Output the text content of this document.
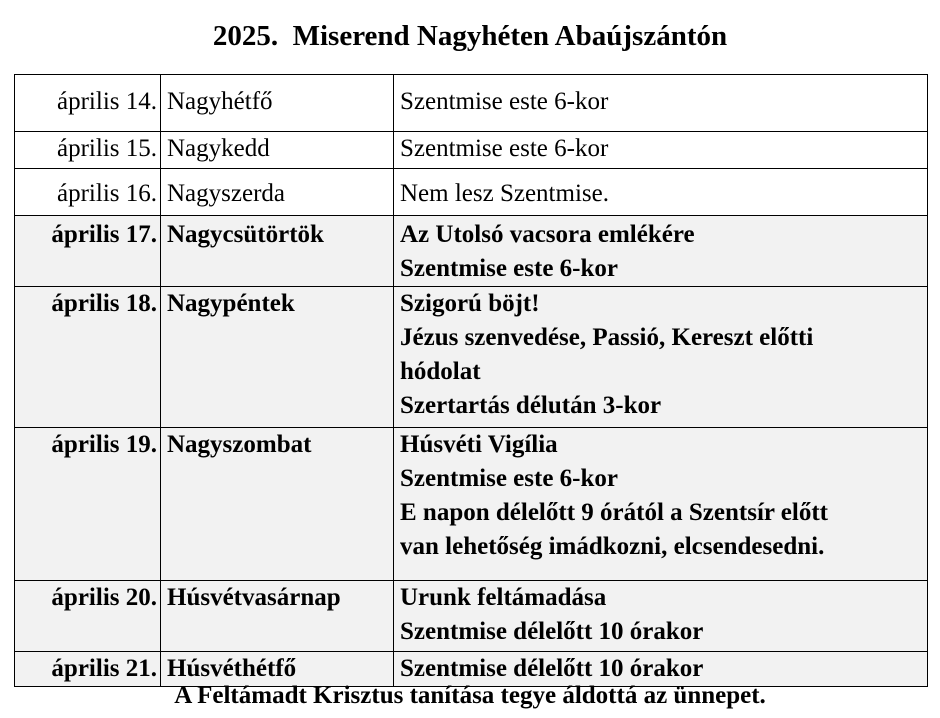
2025.  Miserend Nagyhéten Abaújszántón
április 14.	Nagyhétfő	Szentmise este 6-kor

április 15.	Nagykedd	Szentmise este 6-kor

április 16.	Nagyszerda	Nem lesz Szentmise.

április 17.	Nagycsütörtök	Az Utolsó vacsora emlékére
Szentmise este 6-kor

április 18.	Nagypéntek	Szigorú böjt!
Jézus szenvedése, Passió, Kereszt előtti
hódolat
Szertartás délután 3-kor

április 19.	Nagyszombat	Húsvéti Vigília
Szentmise este 6-kor
E napon délelőtt 9 órától a Szentsír előtt
van lehetőség imádkozni, elcsendesedni.

április 20.	Húsvétvasárnap	Urunk feltámadása
Szentmise délelőtt 10 órakor

április 21.	Húsvéthétfő	Szentmise délelőtt 10 órakor
A Feltámadt Krisztus tanítása tegye áldottá az ünnepet.
